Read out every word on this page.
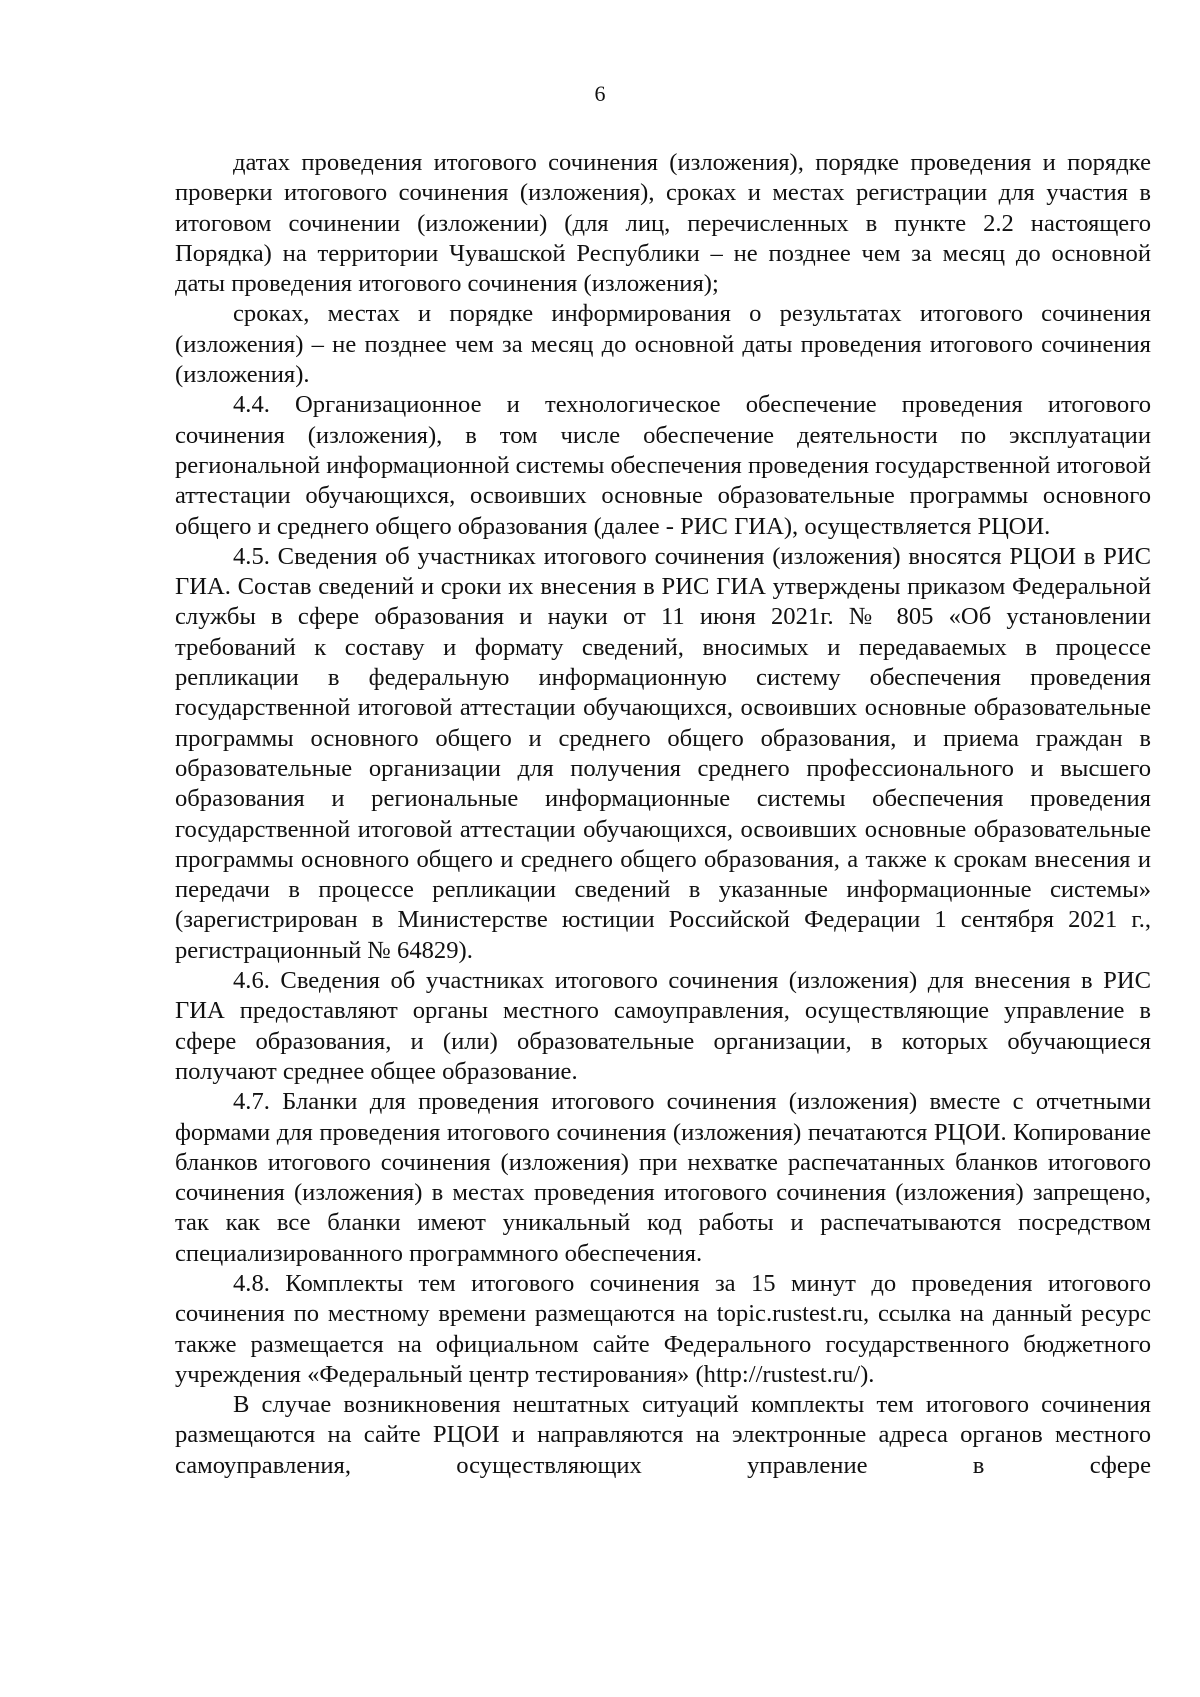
6

датах проведения итогового сочинения (изложения), порядке проведения и порядке проверки итогового сочинения (изложения), сроках и местах регистрации для участия в итоговом сочинении (изложении) (для лиц, перечисленных в пункте 2.2 настоящего Порядка) на территории Чувашской Республики – не позднее чем за месяц до основной даты проведения итогового сочинения (изложения);

сроках, местах и порядке информирования о результатах итогового сочинения (изложения) – не позднее чем за месяц до основной даты проведения итогового сочинения (изложения).

4.4. Организационное и технологическое обеспечение проведения итогового сочинения (изложения), в том числе обеспечение деятельности по эксплуатации региональной информационной системы обеспечения проведения государственной итоговой аттестации обучающихся, освоивших основные образовательные программы основного общего и среднего общего образования (далее - РИС ГИА), осуществляется РЦОИ.

4.5. Сведения об участниках итогового сочинения (изложения) вносятся РЦОИ в РИС ГИА. Состав сведений и сроки их внесения в РИС ГИА утверждены приказом Федеральной службы в сфере образования и науки от 11 июня 2021г. № 805 «Об установлении требований к составу и формату сведений, вносимых и передаваемых в процессе репликации в федеральную информационную систему обеспечения проведения государственной итоговой аттестации обучающихся, освоивших основные образовательные программы основного общего и среднего общего образования, и приема граждан в образовательные организации для получения среднего профессионального и высшего образования и региональные информационные системы обеспечения проведения государственной итоговой аттестации обучающихся, освоивших основные образовательные программы основного общего и среднего общего образования, а также к срокам внесения и передачи в процессе репликации сведений в указанные информационные системы» (зарегистрирован в Министерстве юстиции Российской Федерации 1 сентября 2021 г., регистрационный № 64829).

4.6. Сведения об участниках итогового сочинения (изложения) для внесения в РИС ГИА предоставляют органы местного самоуправления, осуществляющие управление в сфере образования, и (или) образовательные организации, в которых обучающиеся получают среднее общее образование.

4.7. Бланки для проведения итогового сочинения (изложения) вместе с отчетными формами для проведения итогового сочинения (изложения) печатаются РЦОИ. Копирование бланков итогового сочинения (изложения) при нехватке распечатанных бланков итогового сочинения (изложения) в местах проведения итогового сочинения (изложения) запрещено, так как все бланки имеют уникальный код работы и распечатываются посредством специализированного программного обеспечения.

4.8. Комплекты тем итогового сочинения за 15 минут до проведения итогового сочинения по местному времени размещаются на topic.rustest.ru, ссылка на данный ресурс также размещается на официальном сайте Федерального государственного бюджетного учреждения «Федеральный центр тестирования» (http://rustest.ru/).

В случае возникновения нештатных ситуаций комплекты тем итогового сочинения размещаются на сайте РЦОИ и направляются на электронные адреса органов местного самоуправления, осуществляющих управление в сфере
